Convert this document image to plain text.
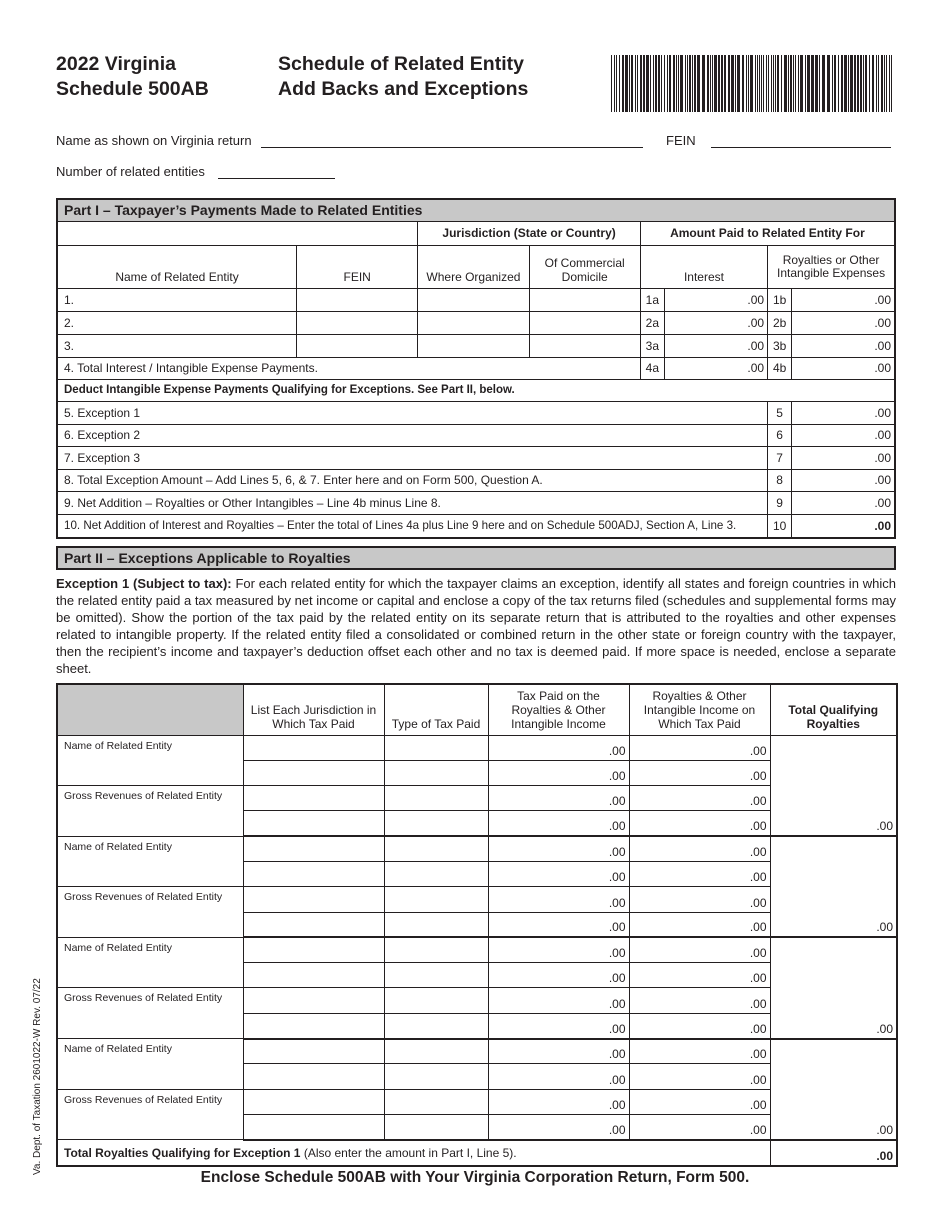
2022 Virginia
Schedule 500AB
Schedule of Related Entity
Add Backs and Exceptions
Name as shown on Virginia return	FEIN
Number of related entities
Part I – Taxpayer’s Payments Made to Related Entities							
		Jurisdiction (State or Country)		Amount Paid to Related Entity For			
Name of Related Entity	FEIN	Where Organized	Of Commercial Domicile	Interest		Royalties or Other Intangible Expenses	
1.				1a	.00	1b	.00
2.				2a	.00	2b	.00
3.				3a	.00	3b	.00
4. Total Interest / Intangible Expense Payments.				4a	.00	4b	.00
Deduct Intangible Expense Payments Qualifying for Exceptions. See Part II, below.							
5. Exception 1						5	.00
6. Exception 2						6	.00
7. Exception 3						7	.00
8. Total Exception Amount – Add Lines 5, 6, & 7. Enter here and on Form 500, Question A.						8	.00
9. Net Addition – Royalties or Other Intangibles – Line 4b minus Line 8.						9	.00
10. Net Addition of Interest and Royalties – Enter the total of Lines 4a plus Line 9 here and on Schedule 500ADJ, Section A, Line 3.						10	.00
Part II – Exceptions Applicable to Royalties
Exception 1 (Subject to tax): For each related entity for which the taxpayer claims an exception, identify all states and foreign countries in which the related entity paid a tax measured by net income or capital and enclose a copy of the tax returns filed (schedules and supplemental forms may be omitted). Show the portion of the tax paid by the related entity on its separate return that is attributed to the royalties and other expenses related to intangible property. If the related entity filed a consolidated or combined return in the other state or foreign country with the taxpayer, then the recipient’s income and taxpayer’s deduction offset each other and no tax is deemed paid. If more space is needed, enclose a separate sheet.
	List Each Jurisdiction in Which Tax Paid	Type of Tax Paid	Tax Paid on the Royalties & Other Intangible Income	Royalties & Other Intangible Income on Which Tax Paid	Total Qualifying Royalties
Name of Related Entity			.00	.00	.00
			.00	.00	
Gross Revenues of Related Entity			.00	.00	
			.00	.00	
Name of Related Entity			.00	.00	.00
			.00	.00	
Gross Revenues of Related Entity			.00	.00	
			.00	.00	
Name of Related Entity			.00	.00	.00
			.00	.00	
Gross Revenues of Related Entity			.00	.00	
			.00	.00	
Name of Related Entity			.00	.00	.00
			.00	.00	
Gross Revenues of Related Entity			.00	.00	
			.00	.00	
Total Royalties Qualifying for Exception 1 (Also enter the amount in Part I, Line 5).					.00
Va. Dept. of Taxation 2601022-W Rev. 07/22
Enclose Schedule 500AB with Your Virginia Corporation Return, Form 500.
